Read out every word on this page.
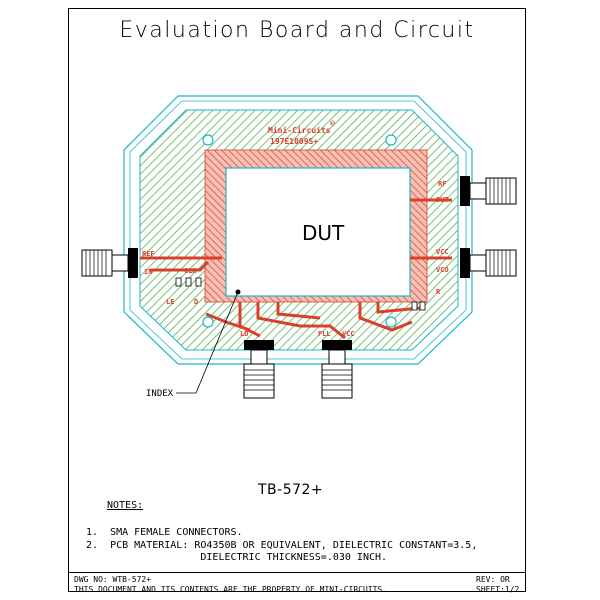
Evaluation Board and Circuit
Mini-Circuits
®
197E1009S+
REF
IN
RF
DUT
VCC
VCO
CLK
LE	D
LD	PLL VCC
R
DUT
INDEX
TB-572+
NOTES:
1.  SMA FEMALE CONNECTORS.
2.  PCB MATERIAL: RO4350B OR EQUIVALENT, DIELECTRIC CONSTANT=3.5,
DIELECTRIC THICKNESS=.030 INCH.
DWG NO: WTB-572+
THIS DOCUMENT AND ITS CONTENTS ARE THE PROPERTY OF MINI-CIRCUITS.
REV: OR
SHEET:1/2
